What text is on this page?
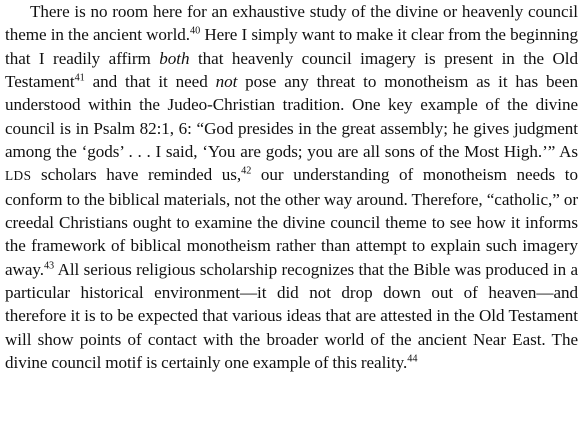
There is no room here for an exhaustive study of the divine or heavenly council theme in the ancient world.$^{40}$ Here I simply want to make it clear from the beginning that I readily affirm both that heavenly council imagery is present in the Old Testament$^{41}$ and that it need not pose any threat to monotheism as it has been understood within the Judeo-Christian tradition. One key example of the divine council is in Psalm 82:1, 6: “God presides in the great assembly; he gives judgment among the ‘gods’ . . . I said, ‘You are gods; you are all sons of the Most High.’” As LDS scholars have reminded us,$^{42}$ our understanding of monotheism needs to conform to the biblical materials, not the other way around. Therefore, “catholic,” or creedal Christians ought to examine the divine council theme to see how it informs the framework of biblical monotheism rather than attempt to explain such imagery away.$^{43}$ All serious religious scholarship recognizes that the Bible was produced in a particular historical environment—it did not drop down out of heaven—and therefore it is to be expected that various ideas that are attested in the Old Testament will show points of contact with the broader world of the ancient Near East. The divine council motif is certainly one example of this reality.$^{44}$
